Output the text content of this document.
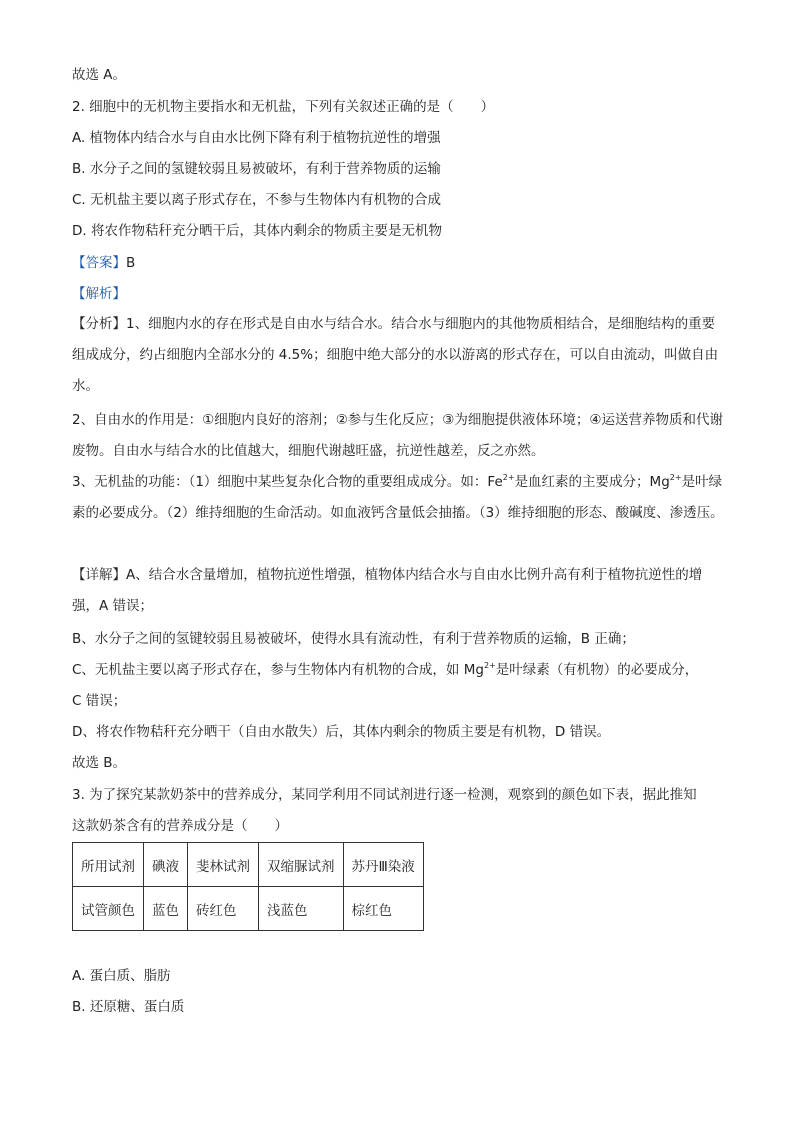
故选 A。
2. 细胞中的无机物主要指水和无机盐，下列有关叙述正确的是（　　）
A. 植物体内结合水与自由水比例下降有利于植物抗逆性的增强
B. 水分子之间的氢键较弱且易被破坏，有利于营养物质的运输
C. 无机盐主要以离子形式存在，不参与生物体内有机物的合成
D. 将农作物秸秆充分晒干后，其体内剩余的物质主要是无机物
【答案】B
【解析】
【分析】1、细胞内水的存在形式是自由水与结合水。结合水与细胞内的其他物质相结合，是细胞结构的重要组成成分，约占细胞内全部水分的 4.5%；细胞中绝大部分的水以游离的形式存在，可以自由流动，叫做自由水。
2、自由水的作用是：①细胞内良好的溶剂；②参与生化反应；③为细胞提供液体环境；④运送营养物质和代谢废物。自由水与结合水的比值越大，细胞代谢越旺盛，抗逆性越差，反之亦然。
3、无机盐的功能：（1）细胞中某些复杂化合物的重要组成成分。如：$Fe^{2+}$是血红素的主要成分；$Mg^{2+}$是叶绿素的必要成分。（2）维持细胞的生命活动。如血液钙含量低会抽搐。（3）维持细胞的形态、酸碱度、渗透压。
【详解】A、结合水含量增加，植物抗逆性增强，植物体内结合水与自由水比例升高有利于植物抗逆性的增强，A 错误；
B、水分子之间的氢键较弱且易被破坏，使得水具有流动性，有利于营养物质的运输，B 正确；
C、无机盐主要以离子形式存在，参与生物体内有机物的合成，如 $Mg^{2+}$是叶绿素（有机物）的必要成分，
C 错误；
D、将农作物秸秆充分晒干（自由水散失）后，其体内剩余的物质主要是有机物，D 错误。
故选 B。
3. 为了探究某款奶茶中的营养成分，某同学利用不同试剂进行逐一检测，观察到的颜色如下表，据此推知
这款奶茶含有的营养成分是（　　）
所用试剂	碘液	斐林试剂	双缩脲试剂	苏丹Ⅲ染液
试管颜色	蓝色	砖红色	浅蓝色	棕红色
A. 蛋白质、脂肪
B. 还原糖、蛋白质
